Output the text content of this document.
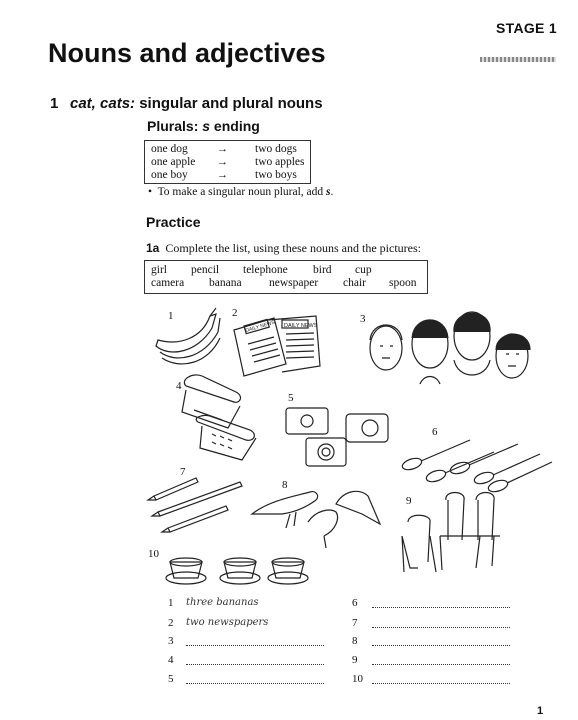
STAGE 1
Nouns and adjectives
1 cat, cats: singular and plural nouns
Plurals: s ending
one dog	→ two dogs
one apple → two apples
one boy	→ two boys
• To make a singular noun plural, add s.
Practice
1a Complete the list, using these nouns and the pictures:
girl pencil telephone bird cup
camera banana newspaper chair spoon
1	2	3
4
5
6
7
8
9
10
DAILY NEWS
DAILY NEWS
1 three bananas
2 two newspapers
3
4
5
6
7
8
9
10
1
